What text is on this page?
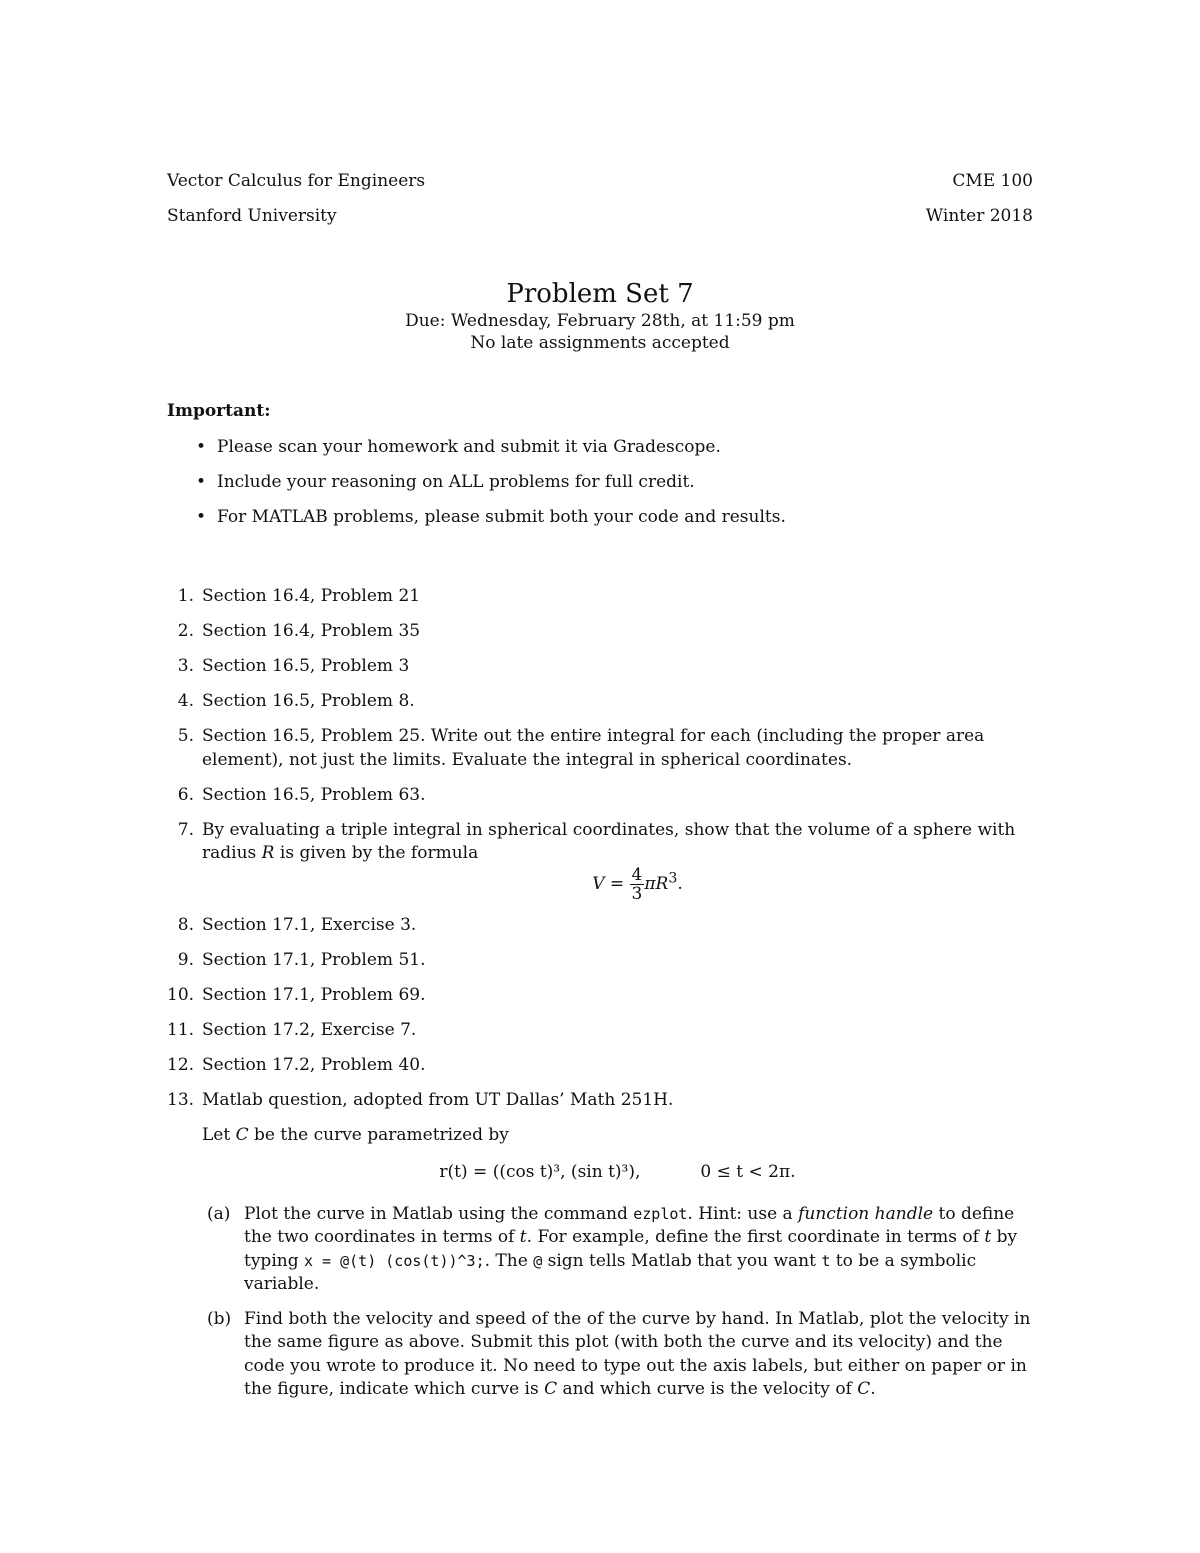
Vector Calculus for Engineers	CME 100
Stanford University	Winter 2018
Problem Set 7
Due: Wednesday, February 28th, at 11:59 pm
No late assignments accepted
Important:
• Please scan your homework and submit it via Gradescope.
• Include your reasoning on ALL problems for full credit.
• For MATLAB problems, please submit both your code and results.
1. Section 16.4, Problem 21
2. Section 16.4, Problem 35
3. Section 16.5, Problem 3
4. Section 16.5, Problem 8.
5. Section 16.5, Problem 25. Write out the entire integral for each (including the proper area element), not just the limits. Evaluate the integral in spherical coordinates.
6. Section 16.5, Problem 63.
7. By evaluating a triple integral in spherical coordinates, show that the volume of a sphere with radius R is given by the formula
$V = \frac{4}{3} \pi R^3$.
8. Section 17.1, Exercise 3.
9. Section 17.1, Problem 51.
10. Section 17.1, Problem 69.
11. Section 17.2, Exercise 7.
12. Section 17.2, Problem 40.
13. Matlab question, adopted from UT Dallas’ Math 251H.
Let C be the curve parametrized by
r(t) = ((cos t)³, (sin t)³),	0 ≤ t < 2π.
(a) Plot the curve in Matlab using the command ezplot. Hint: use a function handle to define the two coordinates in terms of t. For example, define the first coordinate in terms of t by typing x = @(t) (cos(t))^3;. The @ sign tells Matlab that you want t to be a symbolic variable.
(b) Find both the velocity and speed of the of the curve by hand. In Matlab, plot the velocity in the same figure as above. Submit this plot (with both the curve and its velocity) and the code you wrote to produce it. No need to type out the axis labels, but either on paper or in the figure, indicate which curve is C and which curve is the velocity of C.
